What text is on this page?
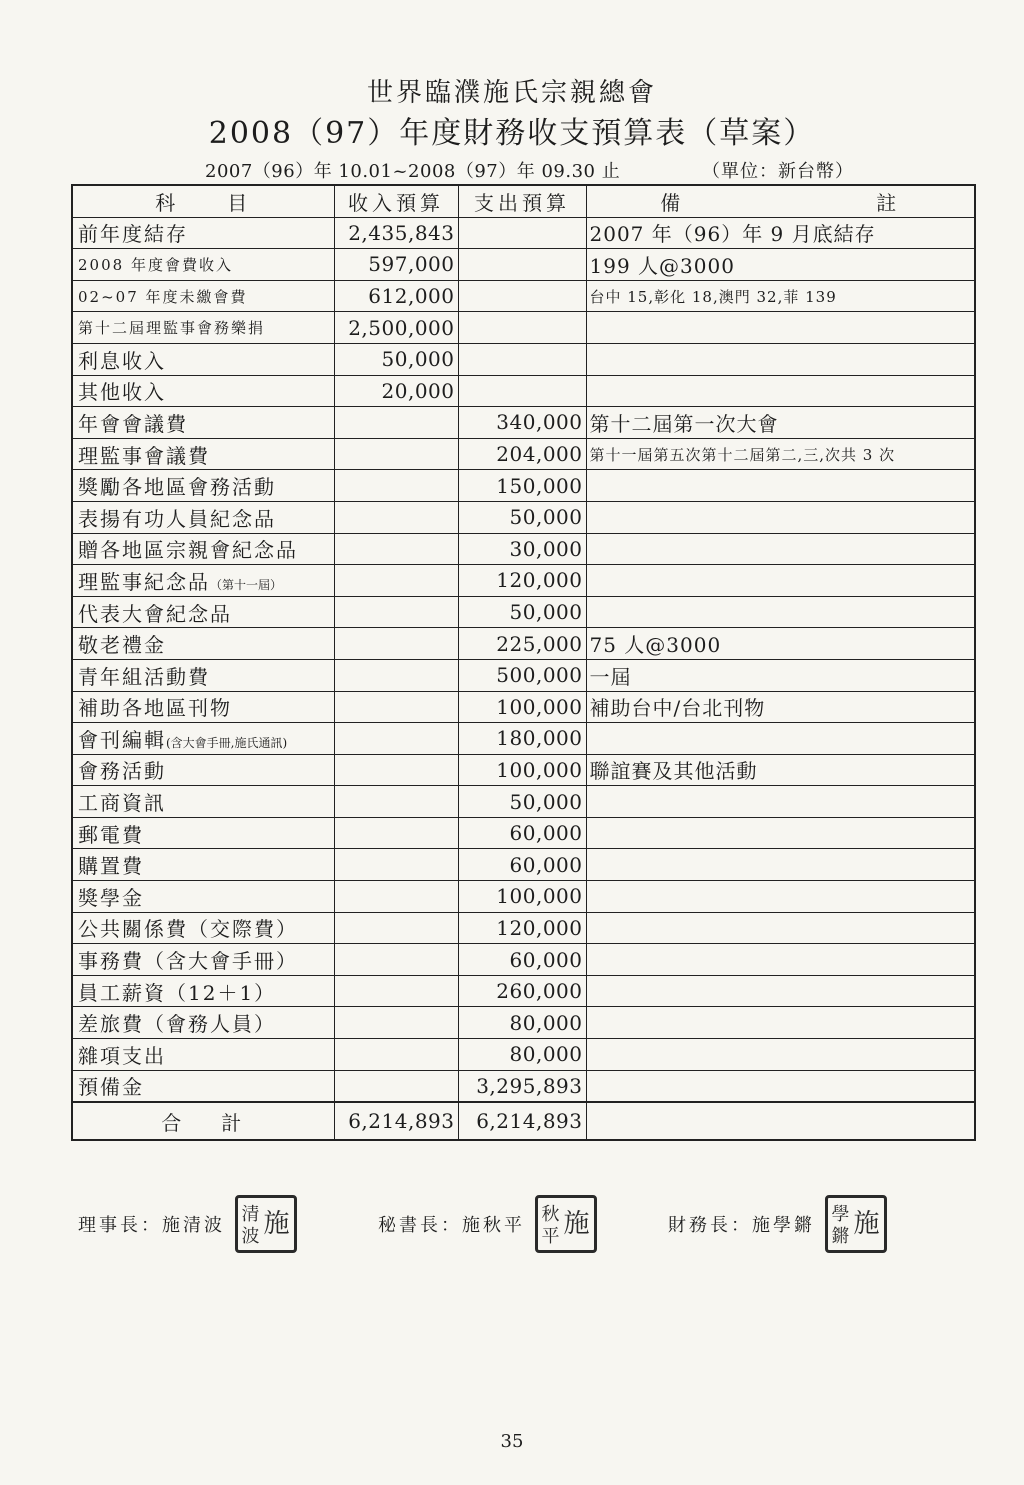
世界臨濮施氏宗親總會
2008（97）年度財務收支預算表（草案）
2007（96）年 10.01~2008（97）年 09.30 止	（單位：新台幣）
科　　目	收入預算	支出預算	備　　　　　　　　註
前年度結存	2,435,843		2007 年（96）年 9 月底結存
2008 年度會費收入	597,000		199 人@3000
02~07 年度未繳會費	612,000		台中 15,彰化 18,澳門 32,菲 139
第十二屆理監事會務樂捐	2,500,000		
利息收入	50,000		
其他收入	20,000		
年會會議費		340,000	第十二屆第一次大會
理監事會議費		204,000	第十一屆第五次第十二屆第二,三,次共 3 次
獎勵各地區會務活動		150,000	
表揚有功人員紀念品		50,000	
贈各地區宗親會紀念品		30,000	
理監事紀念品（第十一屆）		120,000	
代表大會紀念品		50,000	
敬老禮金		225,000	75 人@3000
青年組活動費		500,000	一屆
補助各地區刊物		100,000	補助台中/台北刊物
會刊編輯(含大會手冊,施氏通訊)		180,000	
會務活動		100,000	聯誼賽及其他活動
工商資訊		50,000	
郵電費		60,000	
購置費		60,000	
獎學金		100,000	
公共關係費（交際費）		120,000	
事務費（含大會手冊）		60,000	
員工薪資（12＋1）		260,000	
差旅費（會務人員）		80,000	
雜項支出		80,000	
預備金		3,295,893	
合計	6,214,893	6,214,893	
理事長：施清波
清
波 施	秘書長：施秋平
秋
平 施	財務長：施學鏘
學
鏘 施
35
